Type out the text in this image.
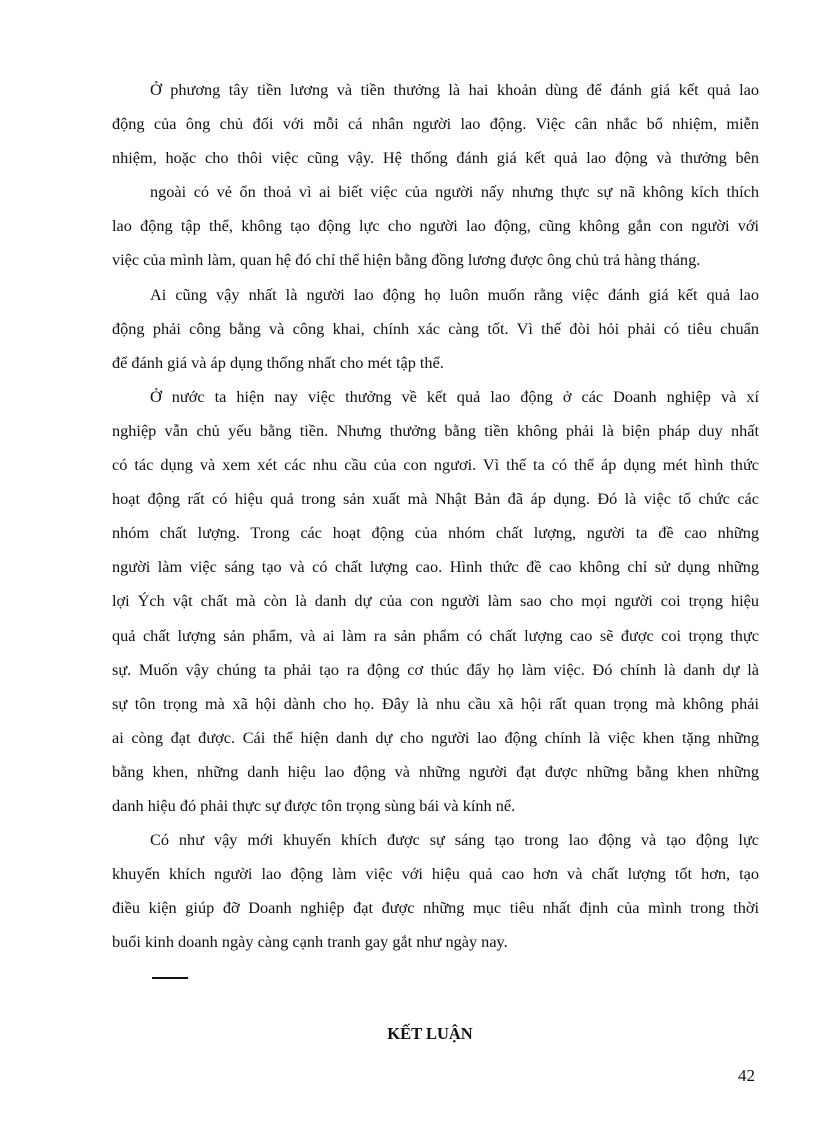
Ở phương tây tiền lương và tiền thưởng là hai khoản dùng để đánh giá kết quả lao
động của ông chủ đối với mỗi cá nhân người lao động. Việc cân nhắc bổ nhiệm, miễn
nhiệm, hoặc cho thôi việc cũng vậy. Hệ thống đánh giá kết quả lao động và thưởng bên
ngoài có vẻ ổn thoả vì ai biết việc của người nấy nhưng thực sự nã không kích thích
lao động tập thể, không tạo động lực cho người lao động, cũng không gắn con người với
việc của mình làm, quan hệ đó chỉ thể hiện bằng đồng lương được ông chủ trả hàng tháng.
Ai cũng vậy nhất là người lao động họ luôn muốn rằng việc đánh giá kết quả lao
động phải công bằng và công khai, chính xác càng tốt. Vì thế đòi hỏi phải có tiêu chuẩn
để đánh giá và áp dụng thống nhất cho mét tập thể.
Ở nước ta hiện nay việc thưởng về kết quả lao động ở các Doanh nghiệp và xí
nghiệp vẫn chủ yếu bằng tiền. Nhưng thưởng bằng tiền không phải là biện pháp duy nhất
có tác dụng và xem xét các nhu cầu của con ngươi. Vì thế ta có thể áp dụng mét hình thức
hoạt động rất có hiệu quả trong sản xuất mà Nhật Bản đã áp dụng. Đó là việc tổ chức các
nhóm chất lượng. Trong các hoạt động của nhóm chất lượng, người ta đề cao những
người làm việc sáng tạo và có chất lượng cao. Hình thức đề cao không chỉ sử dụng những
lợi Ých vật chất mà còn là danh dự của con người làm sao cho mọi người coi trọng hiệu
quả chất lượng sản phẩm, và ai làm ra sản phẩm có chất lượng cao sẽ được coi trọng thực
sự. Muốn vậy chúng ta phải tạo ra động cơ thúc đẩy họ làm việc. Đó chính là danh dự là
sự tôn trọng mà xã hội dành cho họ. Đây là nhu cầu xã hội rất quan trọng mà không phải
ai còng đạt được. Cái thể hiện danh dự cho người lao động chính là việc khen tặng những
bằng khen, những danh hiệu lao động và những người đạt được những bằng khen những
danh hiệu đó phải thực sự được tôn trọng sùng bái và kính nể.
Có như vậy mới khuyến khích được sự sáng tạo trong lao động và tạo động lực
khuyến khích người lao động làm việc với hiệu quả cao hơn và chất lượng tốt hơn, tạo
điều kiện giúp đỡ Doanh nghiệp đạt được những mục tiêu nhất định của mình trong thời
buổi kinh doanh ngày càng cạnh tranh gay gắt như ngày nay.
KẾT LUẬN
42
